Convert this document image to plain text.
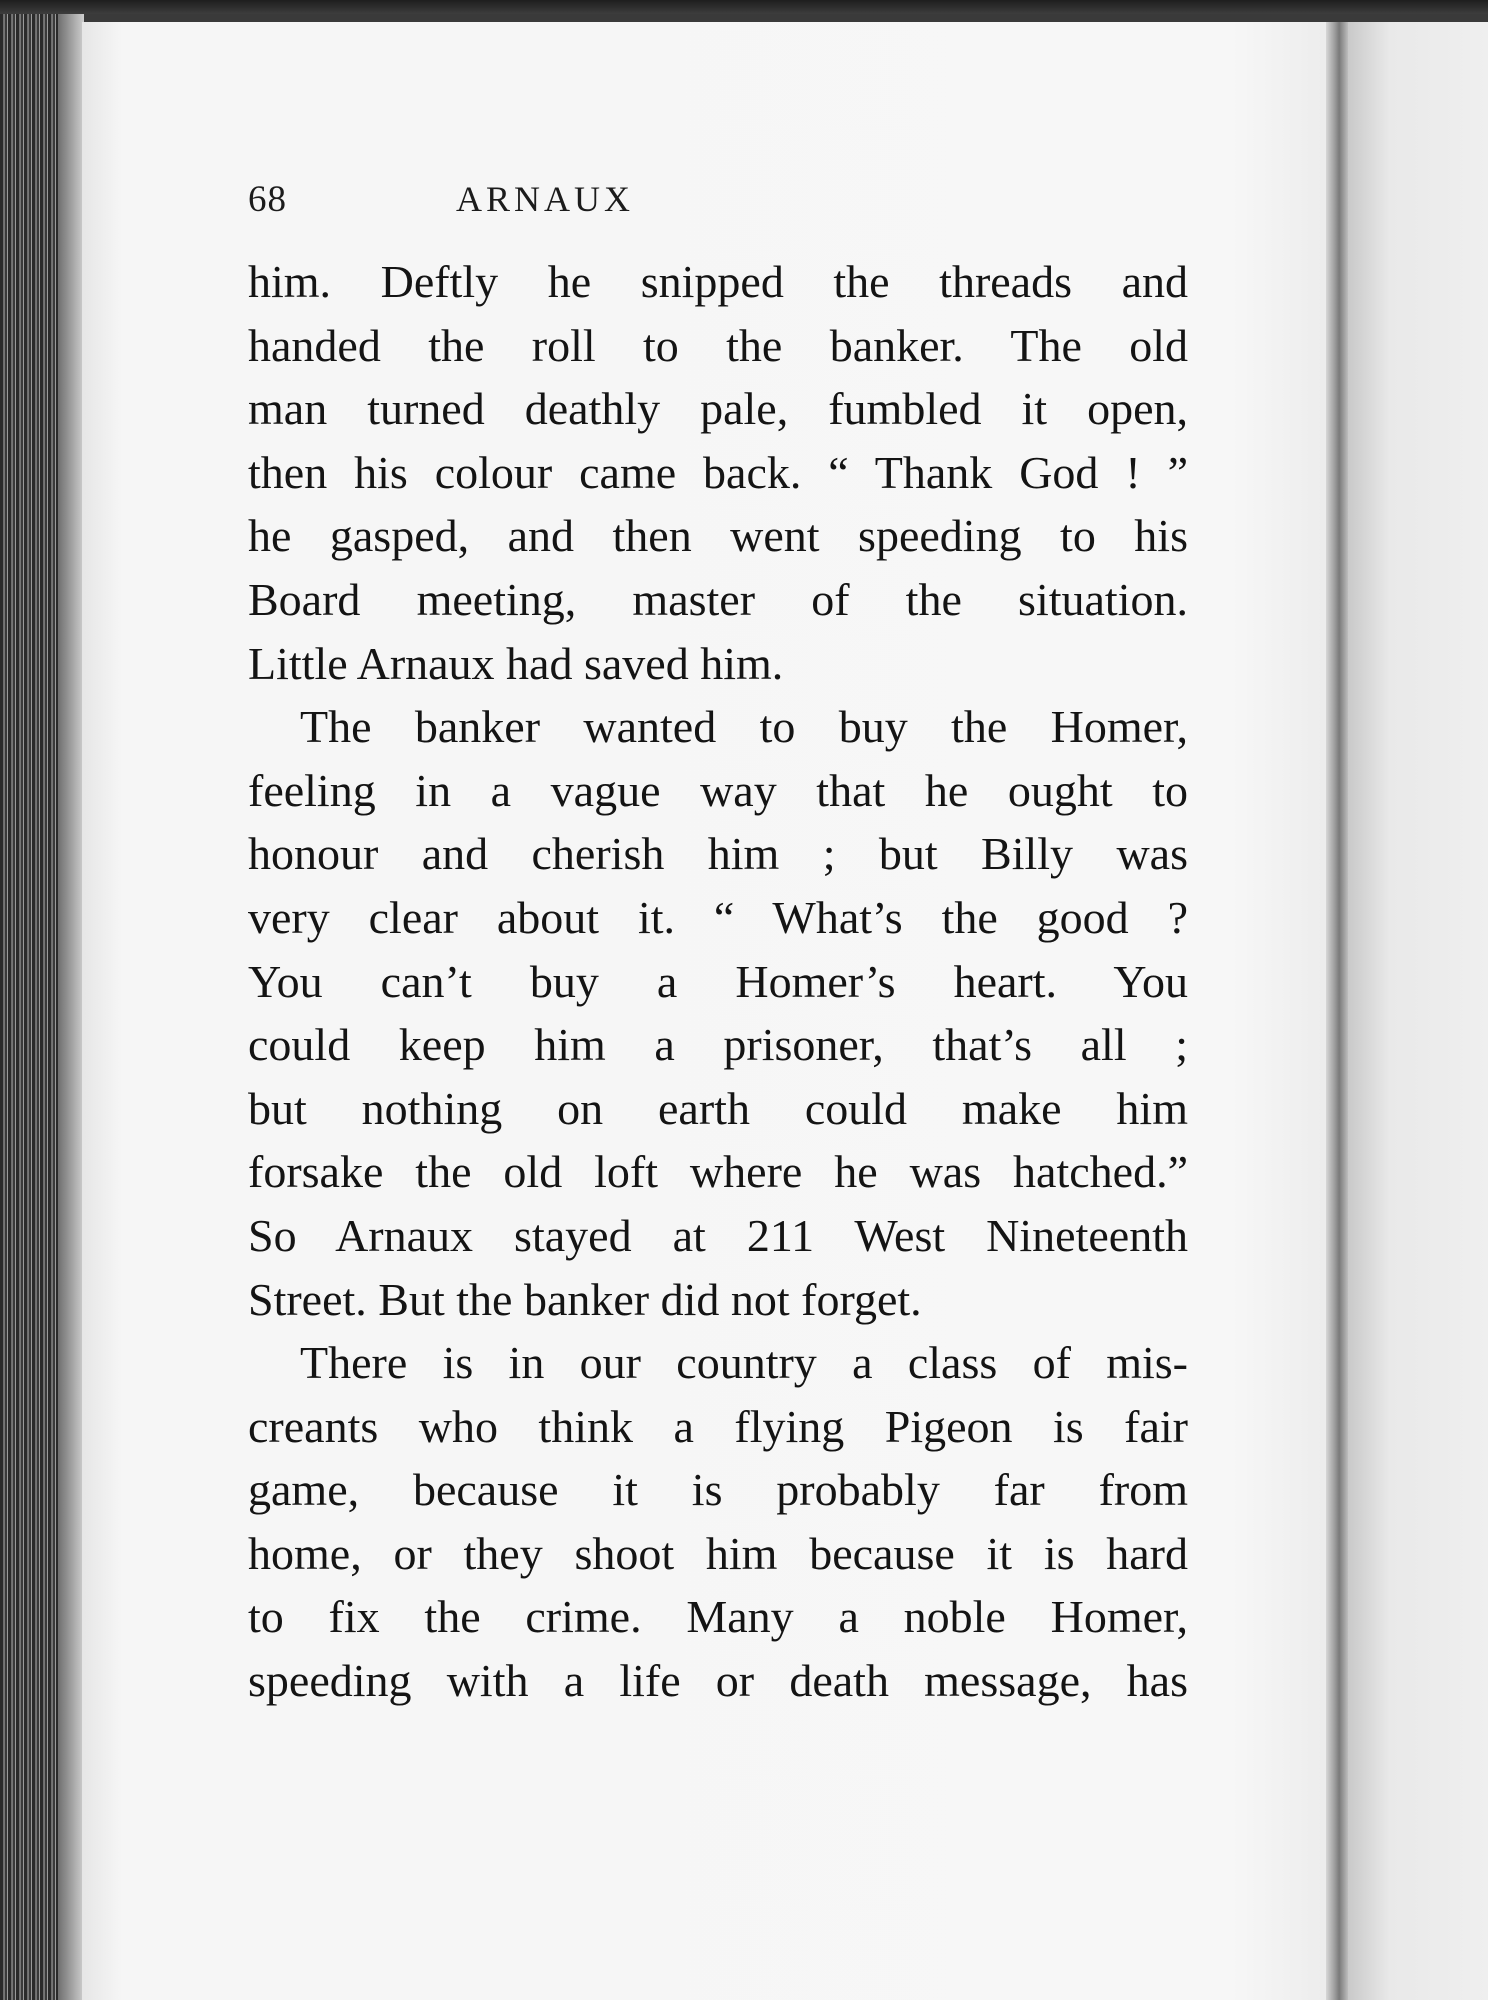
68	ARNAUX
him. Deftly he snipped the threads and
handed the roll to the banker. The old
man turned deathly pale, fumbled it open,
then his colour came back. “ Thank God ! ”
he gasped, and then went speeding to his
Board meeting, master of the situation.
Little Arnaux had saved him.
The banker wanted to buy the Homer,
feeling in a vague way that he ought to
honour and cherish him ; but Billy was
very clear about it. “ What’s the good ?
You can’t buy a Homer’s heart. You
could keep him a prisoner, that’s all ;
but nothing on earth could make him
forsake the old loft where he was hatched.”
So Arnaux stayed at 211 West Nineteenth
Street. But the banker did not forget.
There is in our country a class of mis-
creants who think a flying Pigeon is fair
game, because it is probably far from
home, or they shoot him because it is hard
to fix the crime. Many a noble Homer,
speeding with a life or death message, has
